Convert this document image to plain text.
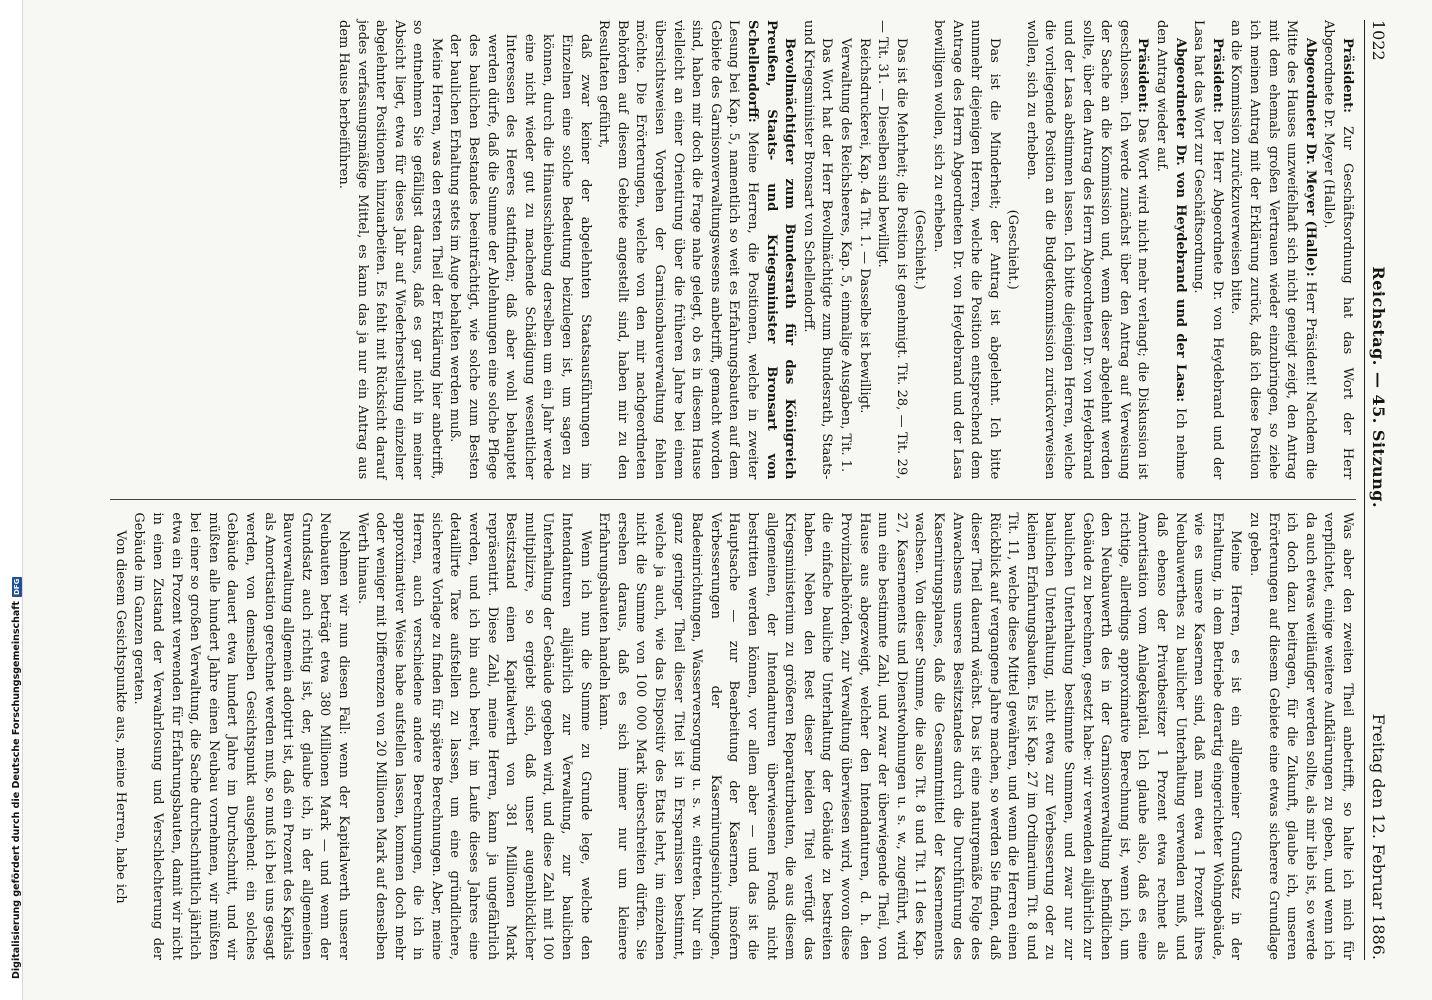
Digitalisierung gefördert durch die Deutsche Forschungsgemeinschaft
DFG
1022
Reichstag. — 45. Sitzung.
Freitag den 12. Februar 1886.

Präsident: Zur Geschäftsordnung hat das Wort der Herr Abgeordnete Dr. Meyer (Halle).

Abgeordneter Dr. Meyer (Halle): Herr Präsident! Nachdem die Mitte des Hauses unzweifelhaft sich nicht geneigt zeigt, den Antrag mit dem ehemals großen Vertrauen wieder einzubringen, so ziehe ich meinen Antrag mit der Erklärung zurück, daß ich diese Position an die Kommission zurückzuverweisen bitte.

Präsident: Der Herr Abgeordnete Dr. von Heydebrand und der Lasa hat das Wort zur Geschäftsordnung.

Abgeordneter Dr. von Heydebrand und der Lasa: Ich nehme den Antrag wieder auf.

Präsident: Das Wort wird nicht mehr verlangt; die Diskussion ist geschlossen. Ich werde zunächst über den Antrag auf Verweisung der Sache an die Kommission und, wenn dieser abgelehnt werden sollte, über den Antrag des Herrn Abgeordneten Dr. von Heydebrand und der Lasa abstimmen lassen. Ich bitte diejenigen Herren, welche die vorliegende Position an die Budgetkommission zurückverweisen wollen, sich zu erheben.

(Geschieht.)

Das ist die Minderheit; der Antrag ist abgelehnt. Ich bitte nunmehr diejenigen Herren, welche die Position entsprechend dem Antrage des Herrn Abgeordneten Dr. von Heydebrand und der Lasa bewilligen wollen, sich zu erheben.

(Geschieht.)

Das ist die Mehrheit; die Position ist genehmigt. Tit. 28, — Tit. 29, — Tit. 31. — Dieselben sind bewilligt.

Reichsdruckerei, Kap. 4a Tit. 1. — Dasselbe ist bewilligt.

Verwaltung des Reichsheeres, Kap. 5, einmalige Ausgaben, Tit. 1.

Das Wort hat der Herr Bevollmächtigte zum Bundesrath, Staats- und Kriegsminister Bronsart von Schellendorff.

Bevollmächtigter zum Bundesrath für das Königreich Preußen, Staats- und Kriegsminister Bronsart von Schellendorff: Meine Herren, die Positionen, welche in zweiter Lesung bei Kap. 5, namentlich so weit es Erfahrungsbauten auf dem Gebiete des Garnisonverwaltungswesens anbetrifft, gemacht worden sind, haben mir doch die Frage nahe gelegt, ob es in diesem Hause vielleicht an einer Orientirung über die früheren Jahre bei einem übersichtsweisen Vorgehen der Garnisonbauverwaltung fehlen möchte. Die Erörterungen, welche von den mir nachgeordneten Behörden auf diesem Gebiete angestellt sind, haben mir zu den Resultaten geführt,

daß zwar keiner der abgelehnten Staatsausführungen im Einzelnen eine solche Bedeutung beizulegen ist, um sagen zu können, durch die Hinausschiebung derselben um ein Jahr werde eine nicht wieder gut zu machende Schädigung wesentlicher Interessen des Heeres stattfinden; daß aber wohl behauptet werden dürfe, daß die Summe der Ablehnungen eine solche Pflege des baulichen Bestandes beeinträchtigt, wie solche zum Besten der baulichen Erhaltung stets im Auge behalten werden muß.

Meine Herren, was den ersten Theil der Erklärung hier anbetrifft, so entnehmen Sie gefälligst daraus, daß es gar nicht in meiner Absicht liegt, etwa für dieses Jahr auf Wiederherstellung einzelner abgelehnter Positionen hinzuarbeiten. Es fehlt mit Rücksicht darauf jedes verfassungsmäßige Mittel, es kann das ja nur ein Antrag aus dem Hause herbeiführen.

Was aber den zweiten Theil anbetrifft, so halte ich mich für verpflichtet, einige weitere Aufklärungen zu geben, und wenn ich da auch etwas weitläufiger werden sollte, als mir lieb ist, so werde ich doch dazu beitragen, für die Zukunft, glaube ich, unseren Erörterungen auf diesem Gebiete eine etwas sicherere Grundlage zu geben.

Meine Herren, es ist ein allgemeiner Grundsatz in der Erhaltung, in dem Betriebe derartig eingerichteter Wohngebäude, wie es unsere Kasernen sind, daß man etwa 1 Prozent ihres Neubauwerthes zu baulicher Unterhaltung verwenden muß, und daß ebenso der Privatbesitzer 1 Prozent etwa rechnet als Amortisation vom Anlagekapital. Ich glaube also, daß es eine richtige, allerdings approximative Berechnung ist, wenn ich, um den Neubauwerth des in der Garnisonverwaltung befindlichen Gebäude zu berechnen, gesetzt habe: wir verwenden alljährlich zur baulichen Unterhaltung bestimmte Summen, und zwar nur zur baulichen Unterhaltung, nicht etwa zur Verbesserung oder zu kleinen Erfahrungsbauten. Es ist Kap. 27 im Ordinarium Tit. 8 und Tit. 11, welche diese Mittel gewähren, und wenn die Herren einen Rückblick auf vergangene Jahre machen, so werden Sie finden, daß dieser Theil dauernd wächst. Das ist eine naturgemäße Folge des Anwachsens unseres Besitzstandes durch die Durchführung des Kasernirungsplanes, daß die Gesammtmittel der Kasernements wachsen. Von dieser Summe, die also Tit. 8 und Tit. 11 des Kap. 27, Kasernements und Dienstwohnungen u. s. w., zugeführt, wird nun eine bestimmte Zahl, und zwar der überwiegende Theil, von Hause aus abgezweigt, welcher den Intendanturen, d. h. den Provinzialbehörden, zur Verwaltung überwiesen wird, wovon diese die einfache bauliche Unterhaltung der Gebäude zu bestreiten haben. Neben den Rest dieser beiden Titel verfügt das Kriegsministerium zu größeren Reparaturbauten, die aus diesem allgemeinen, der Intendanturen überwiesenen Fonds nicht bestritten werden können, vor allem aber — und das ist die Hauptsache — zur Bearbeitung der Kasernen, insofern Verbesserungen der Kasernirungseinrichtungen, Badeeinrichtungen, Wasserversorgung u. s. w. eintreten. Nur ein ganz geringer Theil dieser Titel ist in Ersparnissen bestimmt, welche ja auch, wie das Dispositiv des Etats lehrt, im einzelnen nicht die Summe von 100 000 Mark überschreiten dürfen. Sie ersehen daraus, daß es sich immer nur um kleinere Erfahrungsbauten handeln kann.

Wenn ich nun die Summe zu Grunde lege, welche den Intendanturen alljährlich zur Verwaltung, zur baulichen Unterhaltung der Gebäude gegeben wird, und diese Zahl mit 100 multiplizire, so ergiebt sich, daß unser augenblicklicher Besitzstand einen Kapitalwerth von 381 Millionen Mark repräsentirt. Diese Zahl, meine Herren, kann ja ungefährlich werden, und ich bin auch bereit, im Laufe dieses Jahres eine detaillirte Taxe aufstellen zu lassen, um eine gründlichere, sicherere Vorlage zu finden für spätere Berechnungen. Aber, meine Herren, auch verschiedene andere Berechnungen, die ich in approximativer Weise habe aufstellen lassen, kommen doch mehr oder weniger mit Differenzen von 20 Millionen Mark auf denselben Werth hinaus.

Nehmen wir nun diesen Fall: wenn der Kapitalwerth unserer Neubauten beträgt etwa 380 Millionen Mark — und wenn der Grundsatz auch richtig ist, der, glaube ich, in der allgemeinen Bauverwaltung allgemein adoptirt ist, daß ein Prozent des Kapitals als Amortisation gerechnet werden muß, so muß ich bei uns gesagt werden, von demselben Gesichtspunkt ausgehend: ein solches Gebäude dauert etwa hundert Jahre im Durchschnitt, und wir müßten alle hundert Jahre einen Neubau vornehmen, wir müßten bei einer so großen Verwaltung, die Sache durchschnittlich jährlich etwa ein Prozent verwenden für Erfahrungsbauten, damit wir nicht in einen Zustand der Verwahrlosung und Verschlechterung der Gebäude im Ganzen geraten.

Von diesem Gesichtspunkte aus, meine Herren, habe ich
